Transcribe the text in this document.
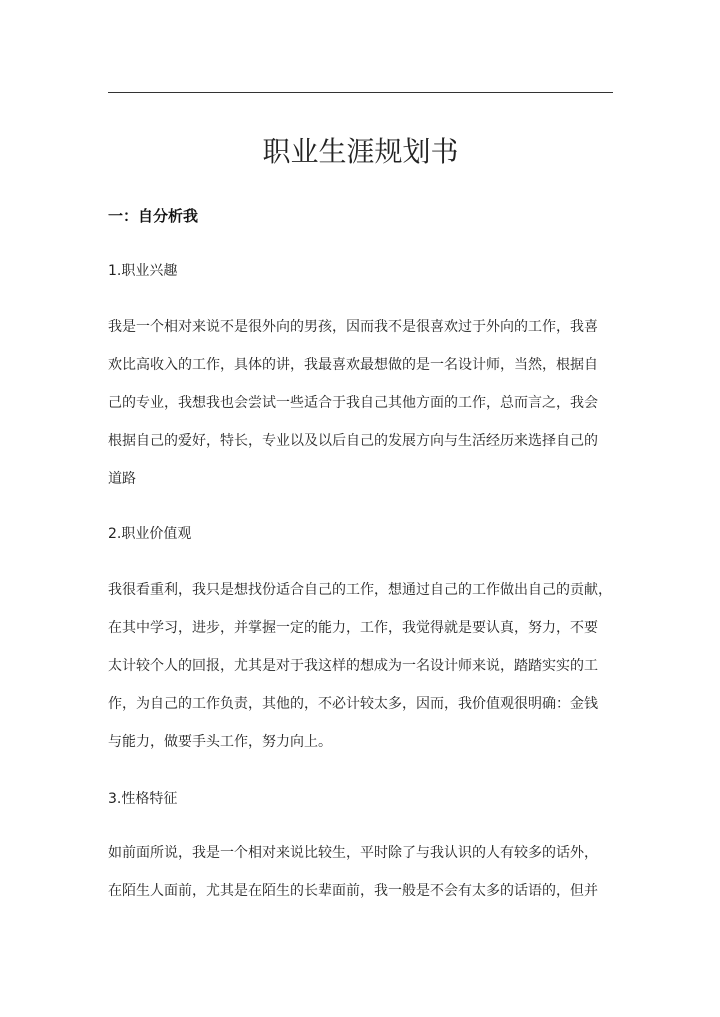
职业生涯规划书
一：自分析我
1.职业兴趣
我是一个相对来说不是很外向的男孩，因而我不是很喜欢过于外向的工作，我喜
欢比高收入的工作，具体的讲，我最喜欢最想做的是一名设计师，当然，根据自
己的专业，我想我也会尝试一些适合于我自己其他方面的工作，总而言之，我会
根据自己的爱好，特长，专业以及以后自己的发展方向与生活经历来选择自己的
道路
2.职业价值观
我很看重利，我只是想找份适合自己的工作，想通过自己的工作做出自己的贡献，
在其中学习，进步，并掌握一定的能力，工作，我觉得就是要认真，努力，不要
太计较个人的回报，尤其是对于我这样的想成为一名设计师来说，踏踏实实的工
作，为自己的工作负责，其他的，不必计较太多，因而，我价值观很明确：金钱
与能力，做要手头工作，努力向上。
3.性格特征
如前面所说，我是一个相对来说比较生，平时除了与我认识的人有较多的话外，
在陌生人面前，尤其是在陌生的长辈面前，我一般是不会有太多的话语的，但并
